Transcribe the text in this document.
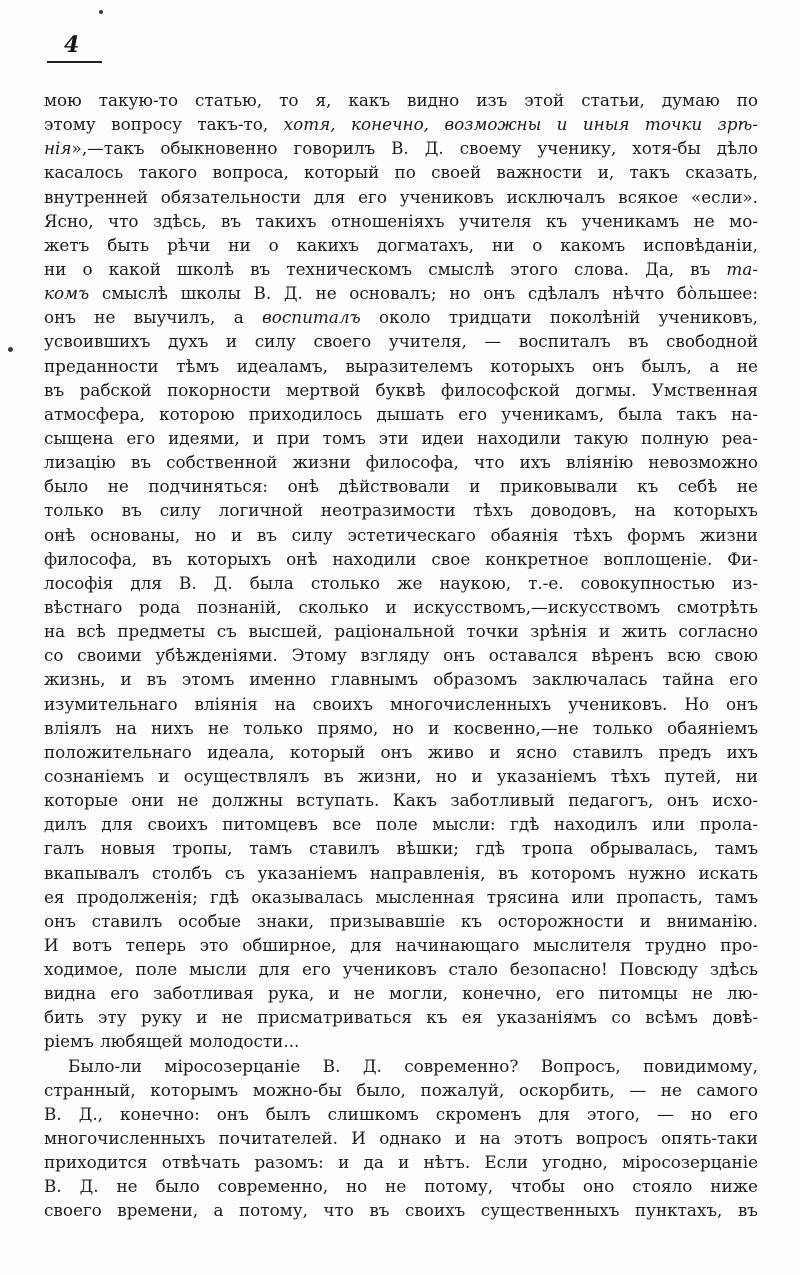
4
мою такую-то статью, то я, какъ видно изъ этой статьи, думаю по
этому вопросу такъ-то, хотя, конечно, возможны и иныя точки зрѣ-
нія»,—такъ обыкновенно говорилъ В. Д. своему ученику, хотя-бы дѣло
касалось такого вопроса, который по своей важности и, такъ сказать,
внутренней обязательности для его учениковъ исключалъ всякое «если».
Ясно, что здѣсь, въ такихъ отношеніяхъ учителя къ ученикамъ не мо-
жетъ быть рѣчи ни о какихъ догматахъ, ни о какомъ исповѣданіи,
ни о какой школѣ въ техническомъ смыслѣ этого слова. Да, въ та-
комъ смыслѣ школы В. Д. не основалъ; но онъ сдѣлалъ нѣчто бо̀льшее:
онъ не выучилъ, а воспиталъ около тридцати поколѣній учениковъ,
усвоившихъ духъ и силу своего учителя, — воспиталъ въ свободной
преданности тѣмъ идеаламъ, выразителемъ которыхъ онъ былъ, а не
въ рабской покорности мертвой буквѣ философской догмы. Умственная
атмосфера, которою приходилось дышать его ученикамъ, была такъ на-
сыщена его идеями, и при томъ эти идеи находили такую полную реа-
лизацію въ собственной жизни философа, что ихъ вліянію невозможно
было не подчиняться: онѣ дѣйствовали и приковывали къ себѣ не
только въ силу логичной неотразимости тѣхъ доводовъ, на которыхъ
онѣ основаны, но и въ силу эстетическаго обаянія тѣхъ формъ жизни
философа, въ которыхъ онѣ находили свое конкретное воплощеніе. Фи-
лософія для В. Д. была столько же наукою, т.-е. совокупностью из-
вѣстнаго рода познаній, сколько и искусствомъ,—искусствомъ смотрѣть
на всѣ предметы съ высшей, раціональной точки зрѣнія и жить согласно
со своими убѣжденіями. Этому взгляду онъ оставался вѣренъ всю свою
жизнь, и въ этомъ именно главнымъ образомъ заключалась тайна его
изумительнаго вліянія на своихъ многочисленныхъ учениковъ. Но онъ
вліялъ на нихъ не только прямо, но и косвенно,—не только обаяніемъ
положительнаго идеала, который онъ живо и ясно ставилъ предъ ихъ
сознаніемъ и осуществлялъ въ жизни, но и указаніемъ тѣхъ путей, ни
которые они не должны вступать. Какъ заботливый педагогъ, онъ исхо-
дилъ для своихъ питомцевъ все поле мысли: гдѣ находилъ или прола-
галъ новыя тропы, тамъ ставилъ вѣшки; гдѣ тропа обрывалась, тамъ
вкапывалъ столбъ съ указаніемъ направленія, въ которомъ нужно искать
ея продолженія; гдѣ оказывалась мысленная трясина или пропасть, тамъ
онъ ставилъ особые знаки, призывавшіе къ осторожности и вниманію.
И вотъ теперь это обширное, для начинающаго мыслителя трудно про-
ходимое, поле мысли для его учениковъ стало безопасно! Повсюду здѣсь
видна его заботливая рука, и не могли, конечно, его питомцы не лю-
бить эту руку и не присматриваться къ ея указаніямъ со всѣмъ довѣ-
ріемъ любящей молодости...
Было-ли міросозерцаніе В. Д. современно? Вопросъ, повидимому,
странный, которымъ можно-бы было, пожалуй, оскорбить, — не самого
В. Д., конечно: онъ былъ слишкомъ скроменъ для этого, — но его
многочисленныхъ почитателей. И однако и на этотъ вопросъ опять-таки
приходится отвѣчать разомъ: и да и нѣтъ. Если угодно, міросозерцаніе
В. Д. не было современно, но не потому, чтобы оно стояло ниже
своего времени, а потому, что въ своихъ существенныхъ пунктахъ, въ
